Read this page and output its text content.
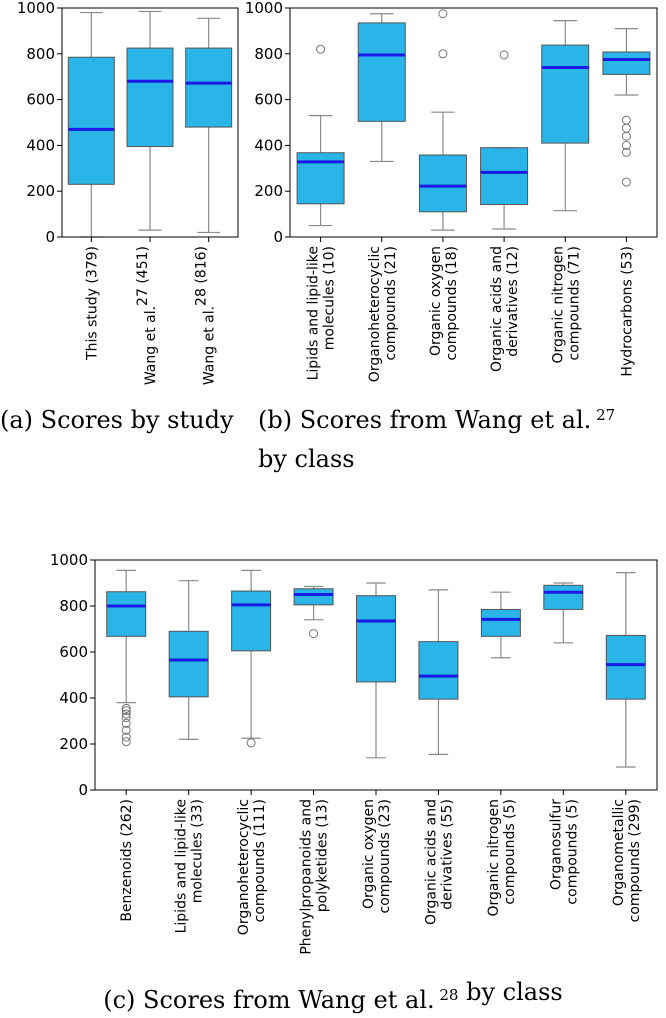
0
200
400
600
800
1000
This study (379)	Wang et al.27 (451)
Wang et al.28 (816)
0
200
400
600
800
1000
Lipids and lipid-like molecules (10) Organoheterocyclic compounds (21) Organic oxygen compounds (18) Organic acids and derivatives (12) Organic nitrogen compounds (71)	Hydrocarbons (53)
0
200
400
600
800
1000
Benzenoids (262)	Lipids and lipid-like molecules (33) Organoheterocyclic compounds (111) Phenylpropanoids and polyketides (13) Organic oxygen compounds (23) Organic acids and derivatives (55) Organic nitrogen compounds (5) Organosulfur compounds (5) Organometallic compounds (299)
(a) Scores by study (b) Scores from Wang et al. $^{27}$
by class
(c) Scores from Wang et al. $^{28}$ by class
